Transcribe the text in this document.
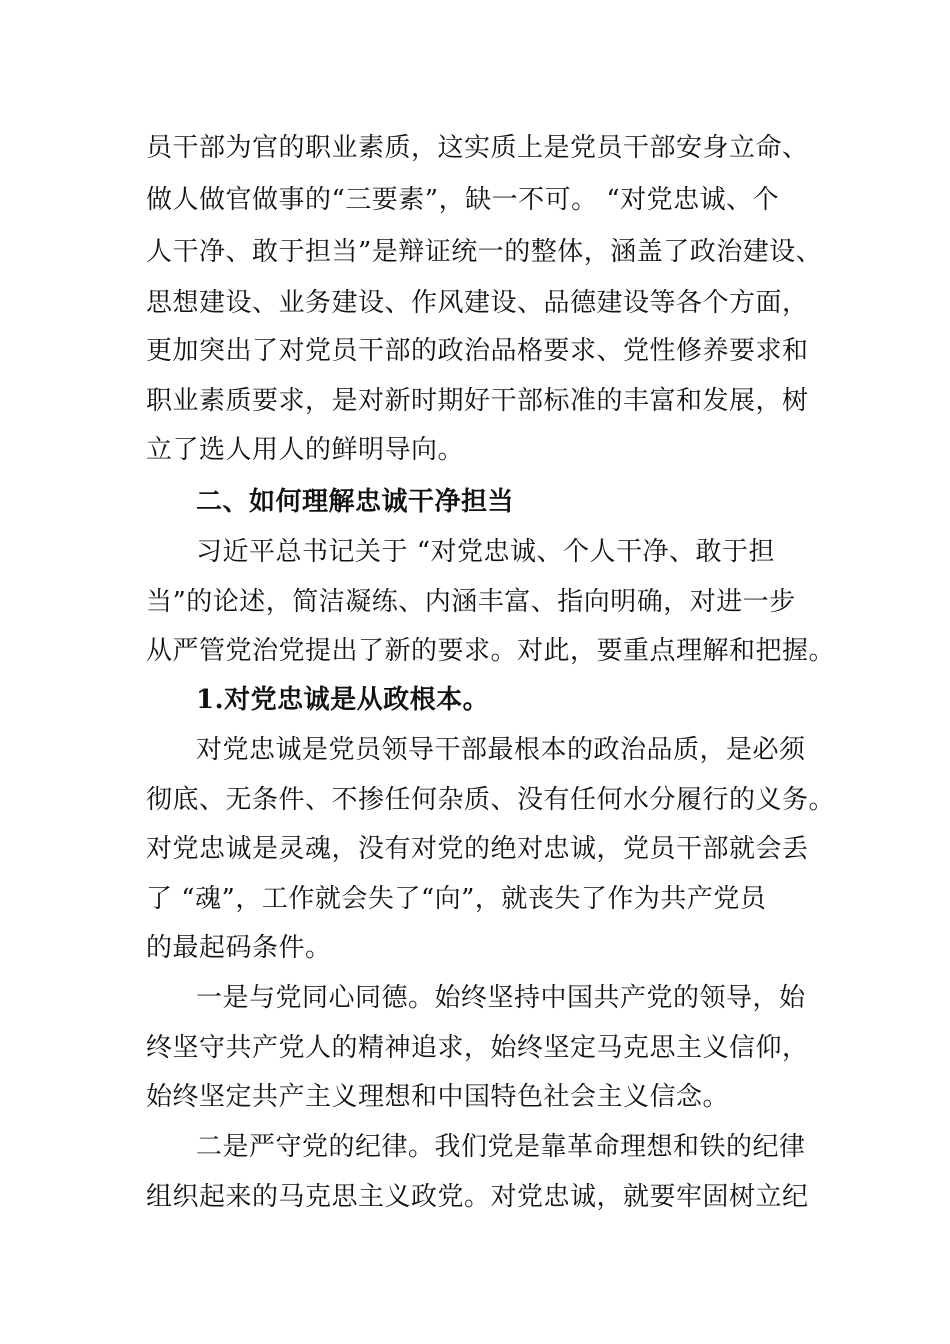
员干部为官的职业素质，这实质上是党员干部安身立命、
做人做官做事的“三要素”，缺一不可。 “对党忠诚、个
人干净、敢于担当”是辩证统一的整体，涵盖了政治建设、
思想建设、业务建设、作风建设、品德建设等各个方面，
更加突出了对党员干部的政治品格要求、党性修养要求和
职业素质要求，是对新时期好干部标准的丰富和发展，树
立了选人用人的鲜明导向。
二、如何理解忠诚干净担当
习近平总书记关于 “对党忠诚、个人干净、敢于担
当”的论述，简洁凝练、内涵丰富、指向明确，对进一步
从严管党治党提出了新的要求。对此，要重点理解和把握。
1.对党忠诚是从政根本。
对党忠诚是党员领导干部最根本的政治品质，是必须
彻底、无条件、不掺任何杂质、没有任何水分履行的义务。
对党忠诚是灵魂，没有对党的绝对忠诚，党员干部就会丢
了 “魂”，工作就会失了“向”，就丧失了作为共产党员
的最起码条件。
一是与党同心同德。始终坚持中国共产党的领导，始
终坚守共产党人的精神追求，始终坚定马克思主义信仰，
始终坚定共产主义理想和中国特色社会主义信念。
二是严守党的纪律。我们党是靠革命理想和铁的纪律
组织起来的马克思主义政党。对党忠诚，就要牢固树立纪
